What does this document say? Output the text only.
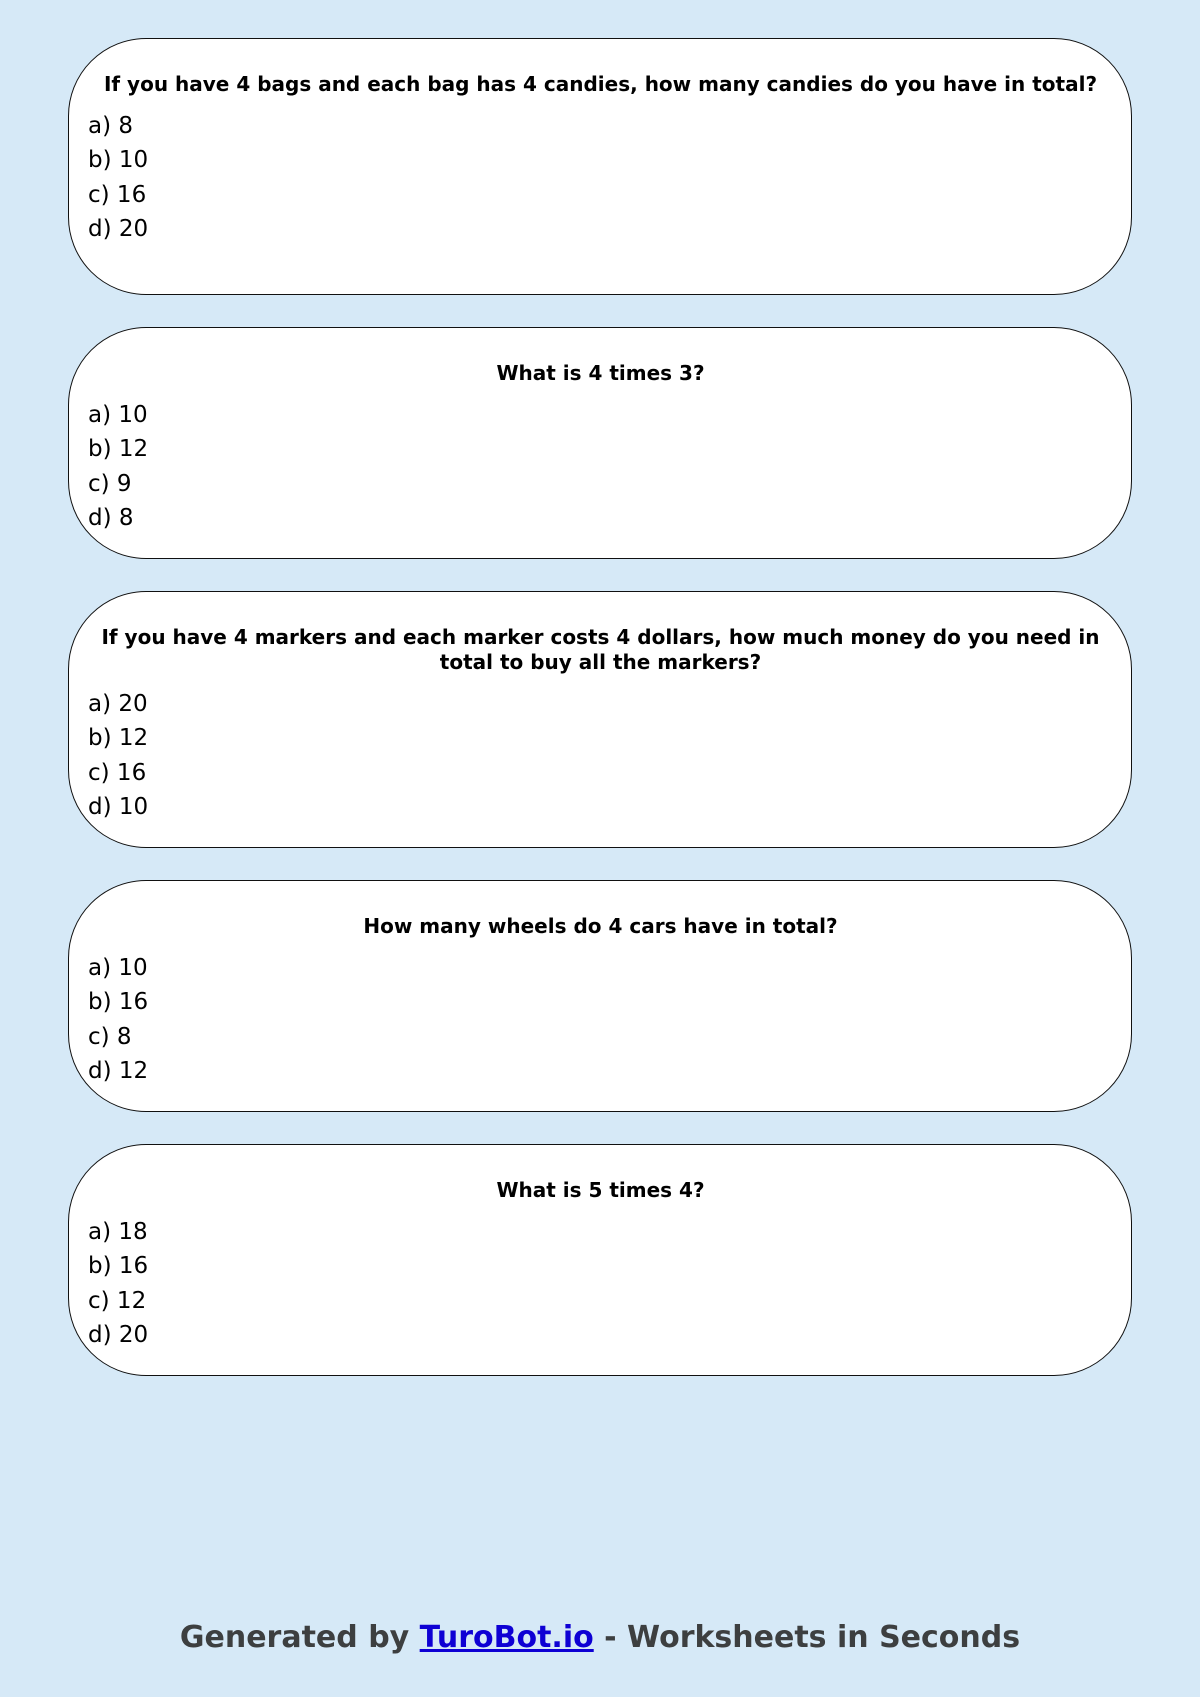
If you have 4 bags and each bag has 4 candies, how many candies do you have in total?

a) 8
b) 10
c) 16
d) 20

What is 4 times 3?

a) 10
b) 12
c) 9
d) 8

If you have 4 markers and each marker costs 4 dollars, how much money do you need in total to buy all the markers?

a) 20
b) 12
c) 16
d) 10

How many wheels do 4 cars have in total?

a) 10
b) 16
c) 8
d) 12

What is 5 times 4?

a) 18
b) 16
c) 12
d) 20
Generated by TuroBot.io - Worksheets in Seconds
